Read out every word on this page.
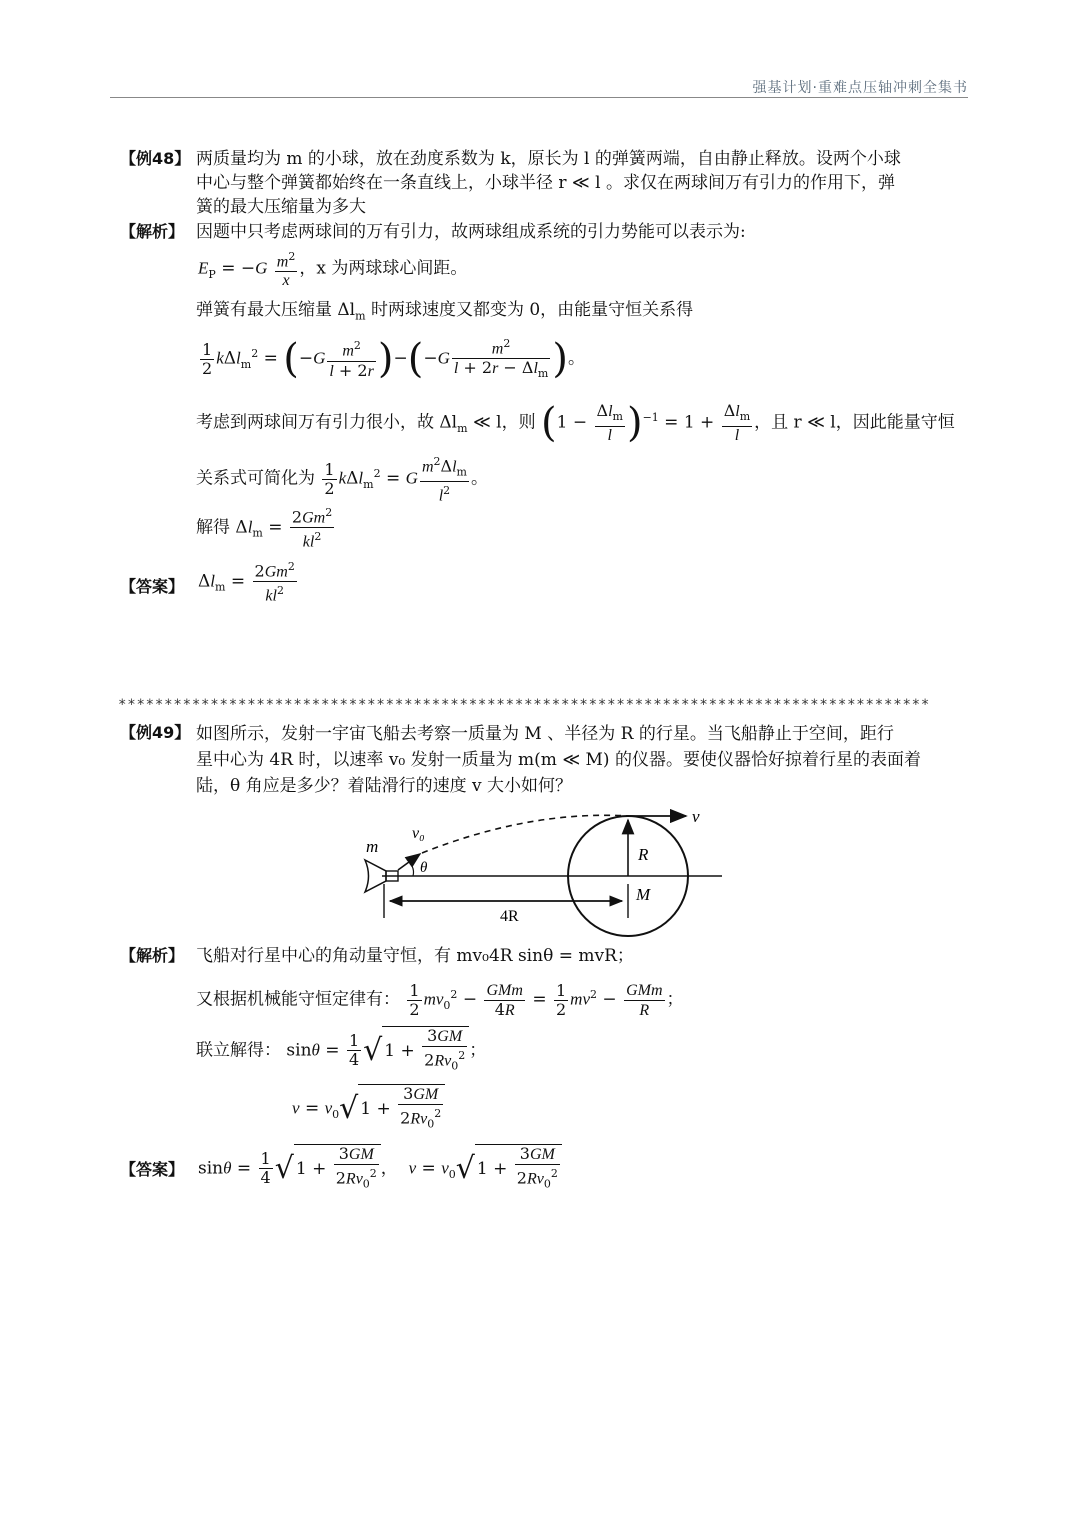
强基计划·重难点压轴冲刺全集书
【例48】 两质量均为 m 的小球，放在劲度系数为 k，原长为 l 的弹簧两端，自由静止释放。设两个小球
中心与整个弹簧都始终在一条直线上，小球半径 r ≪ l 。求仅在两球间万有引力的作用下，弹
簧的最大压缩量为多大
【解析】 因题中只考虑两球间的万有引力，故两球组成系统的引力势能可以表示为:
$E_P = -G \frac{m^2}{x}$ ，x 为两球球心间距。
弹簧有最大压缩量 $\Delta l_m$ 时两球速度又都变为 0，由能量守恒关系得
$\frac{1}{2} k\Delta l_m^2 = (-G \frac{m^2}{l + 2r} )-(-G \frac{m^2}{l + 2r - \Delta l_m}$ )。
考虑到两球间万有引力很小，故 $\Delta l_m$ ≪ l，则 $(1 - \frac{\Delta l_m}{l} )^{-1} = 1 + \frac{\Delta l_m}{l}$ ，且 r ≪ l，因此能量守恒
关系式可简化为 $\frac{1}{2} k\Delta l_m^2 = G \frac{m^2\Delta l_m}{l^2}$ 。
解得 $\Delta l_m = \frac{2Gm^2}{kl^2}$
【答案】 $\Delta l_m = \frac{2Gm^2}{kl^2}$
****************************************************************************************
【例49】 如图所示，发射一宇宙飞船去考察一质量为 M 、半径为 R 的行星。当飞船静止于空间，距行
星中心为 4R 时，以速率 v₀ 发射一质量为 m(m ≪ M) 的仪器。要使仪器恰好掠着行星的表面着
陆，θ 角应是多少？着陆滑行的速度 v 大小如何？
m
v₀
θ
R
M
4R
v
【解析】 飞船对行星中心的角动量守恒，有 mv₀4R sinθ = mvR；
又根据机械能守恒定律有： $\frac{1}{2} mv_0^2 - \frac{\text{GMm}}{4R} = \frac{1}{2} mv^2 - \frac{\text{GMm}}{R}$ ；
联立解得： $\sin\theta = \frac{1}{4}$ √ $1 + \frac{3GM}{2Rv_0^2}$ ；
$v = v_0√$ $1 + \frac{3GM}{2Rv_0^2}$
【答案】 $\sin\theta = \frac{1}{4}$ √ $1 + \frac{3GM}{2Rv_0^2}$ ，  $v = v_0√$ $1 + \frac{3GM}{2Rv_0^2}$
